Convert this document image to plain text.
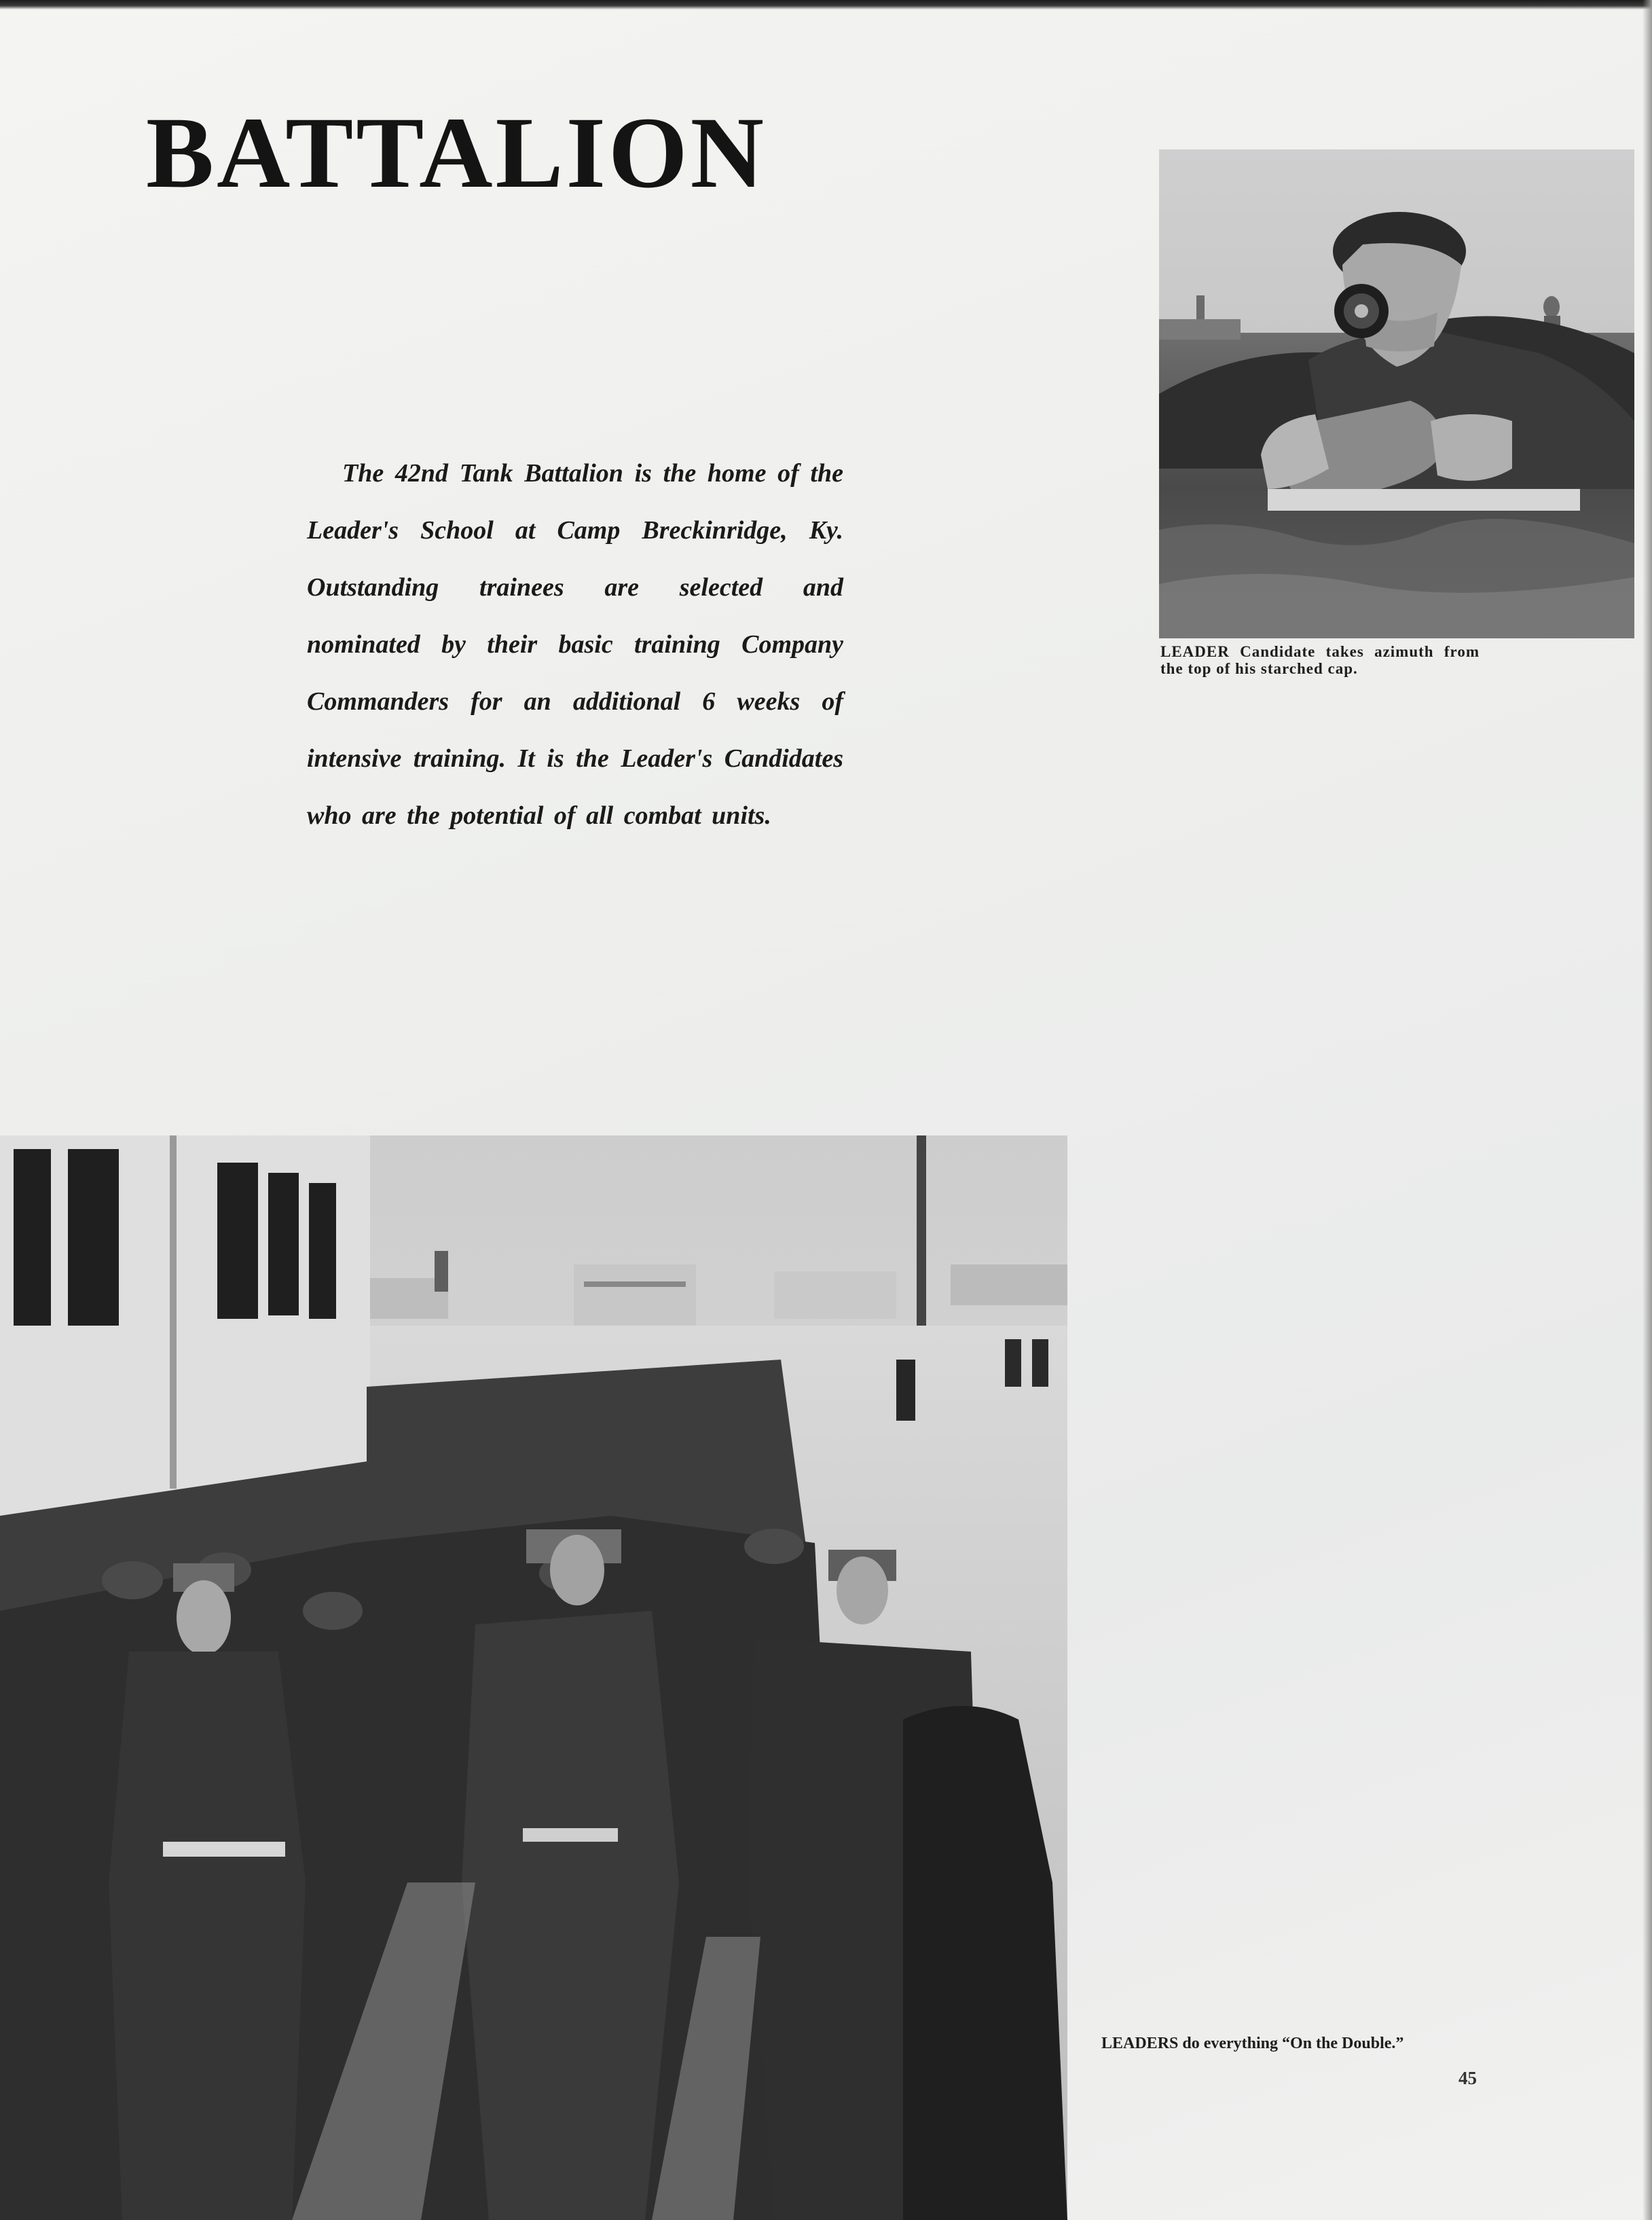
BATTALION

The 42nd Tank Battalion is the home of the Leader's School at Camp Breckinridge, Ky. Outstanding trainees are selected and nominated by their basic training Company Commanders for an additional 6 weeks of intensive training. It is the Leader's Candidates who are the potential of all combat units.

LEADER Candidate takes azimuth from the top of his starched cap.

LEADERS do everything “On the Double.”

45
